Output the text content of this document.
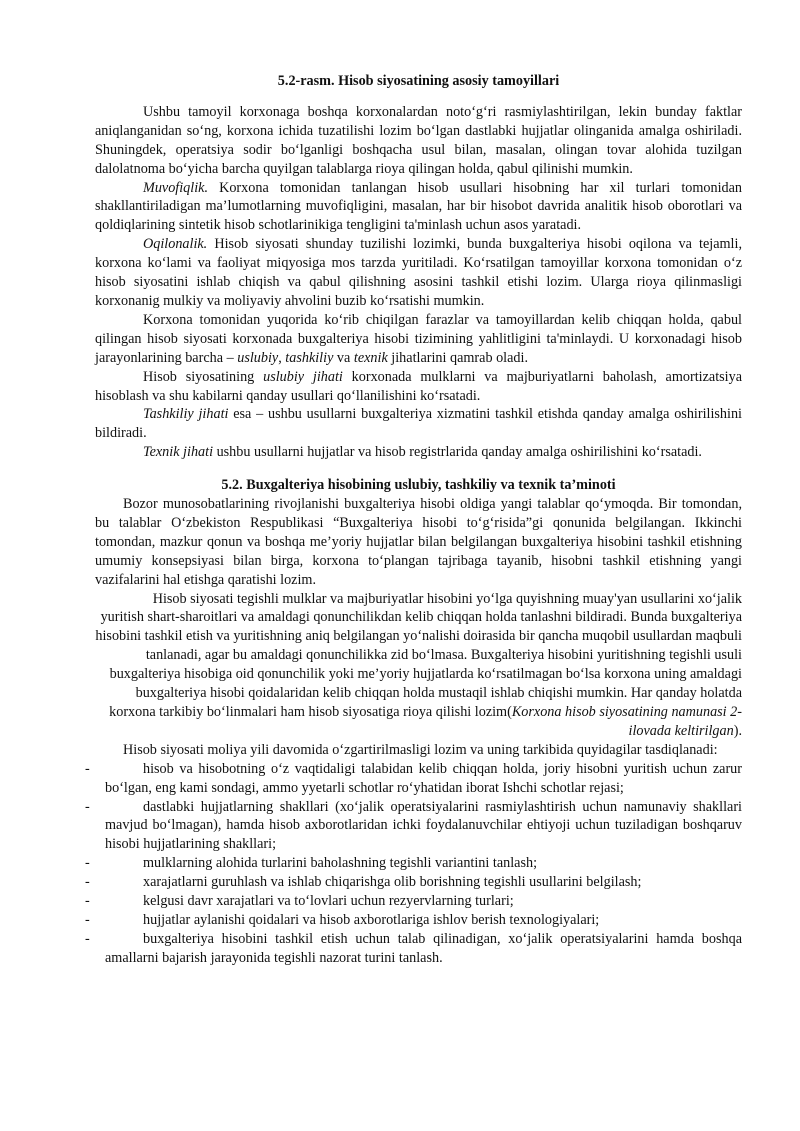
5.2-rasm. Hisob siyosatining asosiy tamoyillari

Ushbu tamoyil korxonaga boshqa korxonalardan noto‘g‘ri rasmiylashtirilgan, lekin bunday faktlar aniqlanganidan so‘ng, korxona ichida tuzatilishi lozim bo‘lgan dastlabki hujjatlar olinganida amalga oshiriladi. Shuningdek, operatsiya sodir bo‘lganligi boshqacha usul bilan, masalan, olingan tovar alohida tuzilgan dalolatnoma bo‘yicha barcha quyilgan talablarga rioya qilingan holda, qabul qilinishi mumkin.

Muvofiqlik. Korxona tomonidan tanlangan hisob usullari hisobning har xil turlari tomonidan shakllantiriladigan ma’lumotlarning muvofiqligini, masalan, har bir hisobot davrida analitik hisob oborotlari va qoldiqlarining sintetik hisob schotlarinikiga tengligini ta'minlash uchun asos yaratadi.

Oqilonalik. Hisob siyosati shunday tuzilishi lozimki, bunda buxgalteriya hisobi oqilona va tejamli, korxona ko‘lami va faoliyat miqyosiga mos tarzda yuritiladi. Ko‘rsatilgan tamoyillar korxona tomonidan o‘z hisob siyosatini ishlab chiqish va qabul qilishning asosini tashkil etishi lozim. Ularga rioya qilinmasligi korxonanig mulkiy va moliyaviy ahvolini buzib ko‘rsatishi mumkin.

Korxona tomonidan yuqorida ko‘rib chiqilgan farazlar va tamoyillardan kelib chiqqan holda, qabul qilingan hisob siyosati korxonada buxgalteriya hisobi tizimining yahlitligini ta'minlaydi. U korxonadagi hisob jarayonlarining barcha – uslubiy, tashkiliy va texnik jihatlarini qamrab oladi.

Hisob siyosatining uslubiy jihati korxonada mulklarni va majburiyatlarni baholash, amortizatsiya hisoblash va shu kabilarni qanday usullari qo‘llanilishini ko‘rsatadi.

Tashkiliy jihati esa – ushbu usullarni buxgalteriya xizmatini tashkil etishda qanday amalga oshirilishini bildiradi.

Texnik jihati ushbu usullarni hujjatlar va hisob registrlarida qanday amalga oshirilishini ko‘rsatadi.

5.2. Buxgalteriya hisobining uslubiy, tashkiliy va texnik ta’minoti

Bozor munosobatlarining rivojlanishi buxgalteriya hisobi oldiga yangi talablar qo‘ymoqda. Bir tomondan, bu talablar O‘zbekiston Respublikasi “Buxgalteriya hisobi to‘g‘risida”gi qonunida belgilangan. Ikkinchi tomondan, mazkur qonun va boshqa me’yoriy hujjatlar bilan belgilangan buxgalteriya hisobini tashkil etishning umumiy konsepsiyasi bilan birga, korxona to‘plangan tajribaga tayanib, hisobni tashkil etishning yangi vazifalarini hal etishga qaratishi lozim.

Hisob siyosati tegishli mulklar va majburiyatlar hisobini yo‘lga quyishning muay'yan usullarini xo‘jalik yuritish shart-sharoitlari va amaldagi qonunchilikdan kelib chiqqan holda tanlashni bildiradi. Bunda buxgalteriya hisobini tashkil etish va yuritishning aniq belgilangan yo‘nalishi doirasida bir qancha muqobil usullardan maqbuli tanlanadi, agar bu amaldagi qonunchilikka zid bo‘lmasa. Buxgalteriya hisobini yuritishning tegishli usuli buxgalteriya hisobiga oid qonunchilik yoki me’yoriy hujjatlarda ko‘rsatilmagan bo‘lsa korxona uning amaldagi buxgalteriya hisobi qoidalaridan kelib chiqqan holda mustaqil ishlab chiqishi mumkin. Har qanday holatda korxona tarkibiy bo‘linmalari ham hisob siyosatiga rioya qilishi lozim(Korxona hisob siyosatining namunasi 2-ilovada keltirilgan).

Hisob siyosati moliya yili davomida o‘zgartirilmasligi lozim va uning tarkibida quyidagilar tasdiqlanadi:

-	hisob va hisobotning o‘z vaqtidaligi talabidan kelib chiqqan holda, joriy hisobni yuritish uchun zarur bo‘lgan, eng kami sondagi, ammo yyetarli schotlar ro‘yhatidan iborat Ishchi schotlar rejasi;

-	dastlabki hujjatlarning shakllari (xo‘jalik operatsiyalarini rasmiylashtirish uchun namunaviy shakllari mavjud bo‘lmagan), hamda hisob axborotlaridan ichki foydalanuvchilar ehtiyoji uchun tuziladigan boshqaruv hisobi hujjatlarining shakllari;

-	mulklarning alohida turlarini baholashning tegishli variantini tanlash;

-	xarajatlarni guruhlash va ishlab chiqarishga olib borishning tegishli usullarini belgilash;

-	kelgusi davr xarajatlari va to‘lovlari uchun rezyervlarning turlari;

-	hujjatlar aylanishi qoidalari va hisob axborotlariga ishlov berish texnologiyalari;

-	buxgalteriya hisobini tashkil etish uchun talab qilinadigan, xo‘jalik operatsiyalarini hamda boshqa amallarni bajarish jarayonida tegishli nazorat turini tanlash.
